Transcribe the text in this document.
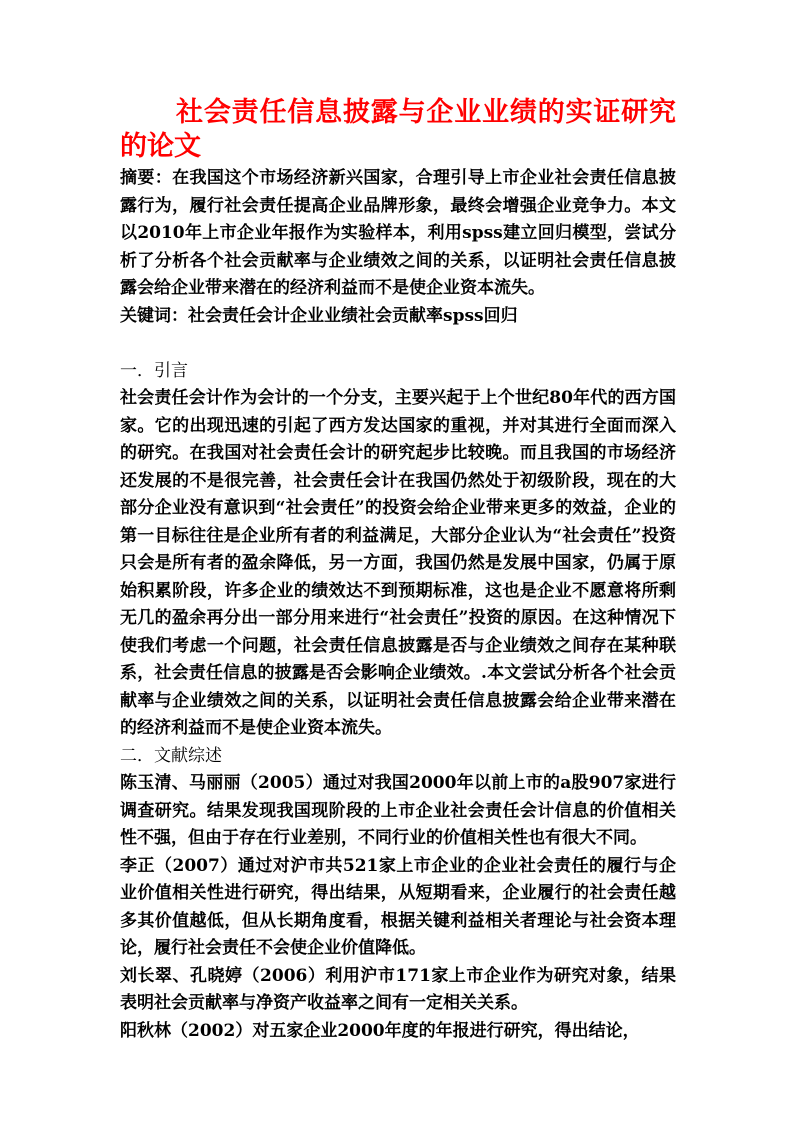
社会责任信息披露与企业业绩的实证研究的论文

摘要：在我国这个市场经济新兴国家，合理引导上市企业社会责任信息披露行为，履行社会责任提高企业品牌形象，最终会增强企业竞争力。本文以2010年上市企业年报作为实验样本，利用spss建立回归模型，尝试分析了分析各个社会贡献率与企业绩效之间的关系，以证明社会责任信息披露会给企业带来潜在的经济利益而不是使企业资本流失。

关键词：社会责任会计企业业绩社会贡献率spss回归

一．引言

社会责任会计作为会计的一个分支，主要兴起于上个世纪80年代的西方国家。它的出现迅速的引起了西方发达国家的重视，并对其进行全面而深入的研究。在我国对社会责任会计的研究起步比较晚。而且我国的市场经济还发展的不是很完善，社会责任会计在我国仍然处于初级阶段，现在的大部分企业没有意识到“社会责任”的投资会给企业带来更多的效益，企业的第一目标往往是企业所有者的利益满足，大部分企业认为“社会责任”投资只会是所有者的盈余降低，另一方面，我国仍然是发展中国家，仍属于原始积累阶段，许多企业的绩效达不到预期标准，这也是企业不愿意将所剩无几的盈余再分出一部分用来进行“社会责任”投资的原因。在这种情况下使我们考虑一个问题，社会责任信息披露是否与企业绩效之间存在某种联系，社会责任信息的披露是否会影响企业绩效。.本文尝试分析各个社会贡献率与企业绩效之间的关系，以证明社会责任信息披露会给企业带来潜在的经济利益而不是使企业资本流失。

二．文献综述

陈玉清、马丽丽（2005）通过对我国2000年以前上市的a股907家进行调查研究。结果发现我国现阶段的上市企业社会责任会计信息的价值相关性不强，但由于存在行业差别，不同行业的价值相关性也有很大不同。

李正（2007）通过对沪市共521家上市企业的企业社会责任的履行与企业价值相关性进行研究，得出结果，从短期看来，企业履行的社会责任越多其价值越低，但从长期角度看，根据关键利益相关者理论与社会资本理论，履行社会责任不会使企业价值降低。

刘长翠、孔晓婷（2006）利用沪市171家上市企业作为研究对象，结果表明社会贡献率与净资产收益率之间有一定相关关系。

阳秋林（2002）对五家企业2000年度的年报进行研究，得出结论，
